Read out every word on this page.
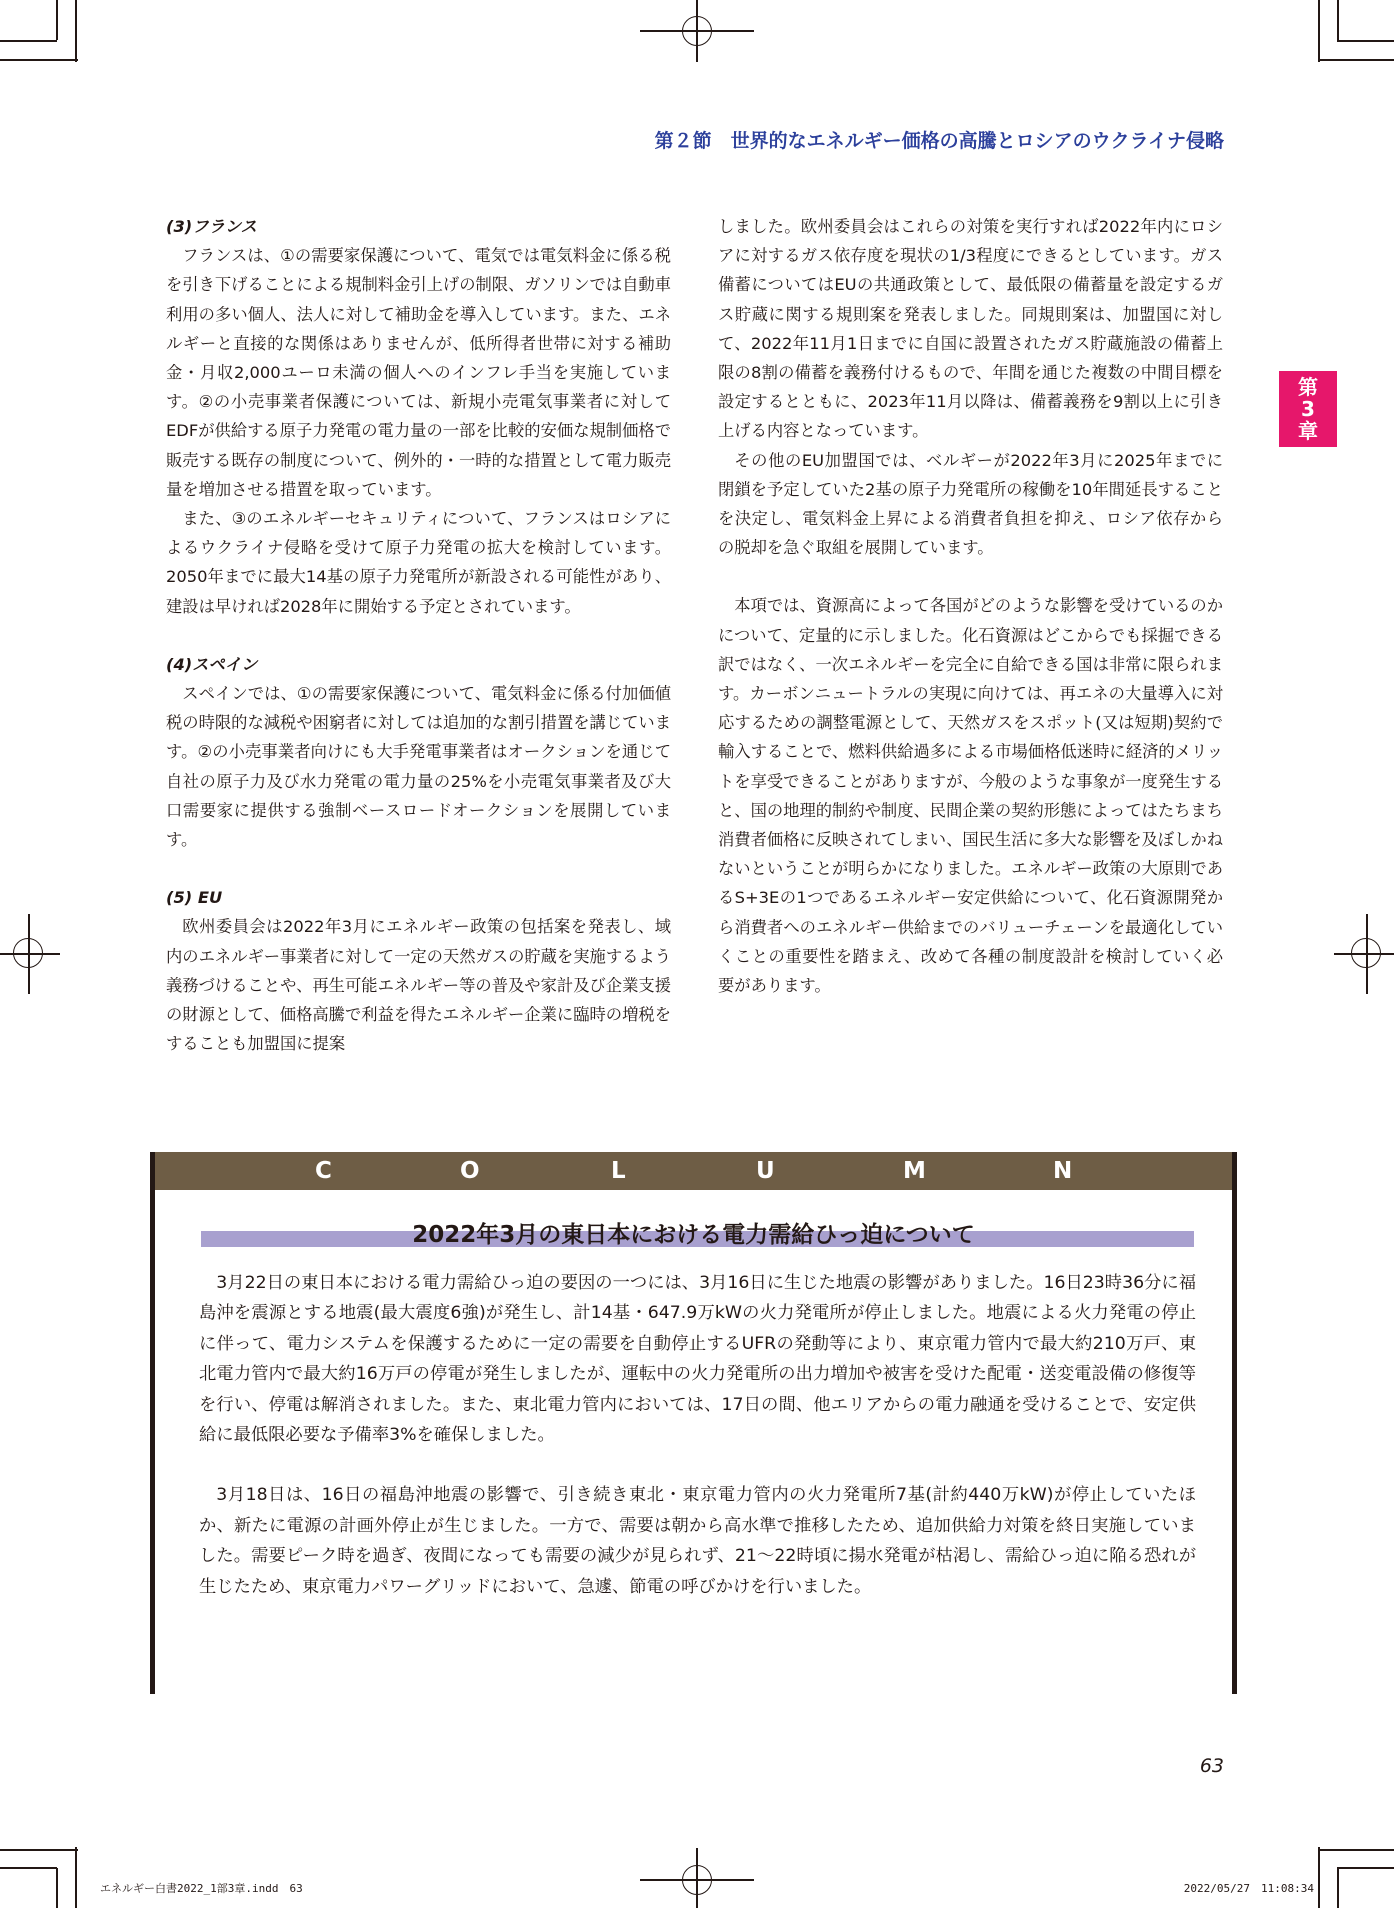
第２節　世界的なエネルギー価格の高騰とロシアのウクライナ侵略
第
3
章

(3)フランス

フランスは、①の需要家保護について、電気では電気料金に係る税を引き下げることによる規制料金引上げの制限、ガソリンでは自動車利用の多い個人、法人に対して補助金を導入しています。また、エネルギーと直接的な関係はありませんが、低所得者世帯に対する補助金・月収2,000ユーロ未満の個人へのインフレ手当を実施しています。②の小売事業者保護については、新規小売電気事業者に対してEDFが供給する原子力発電の電力量の一部を比較的安価な規制価格で販売する既存の制度について、例外的・一時的な措置として電力販売量を増加させる措置を取っています。

また、③のエネルギーセキュリティについて、フランスはロシアによるウクライナ侵略を受けて原子力発電の拡大を検討しています。2050年までに最大14基の原子力発電所が新設される可能性があり、建設は早ければ2028年に開始する予定とされています。

(4)スペイン

スペインでは、①の需要家保護について、電気料金に係る付加価値税の時限的な減税や困窮者に対しては追加的な割引措置を講じています。②の小売事業者向けにも大手発電事業者はオークションを通じて自社の原子力及び水力発電の電力量の25%を小売電気事業者及び大口需要家に提供する強制ベースロードオークションを展開しています。

(5) EU

欧州委員会は2022年3月にエネルギー政策の包括案を発表し、域内のエネルギー事業者に対して一定の天然ガスの貯蔵を実施するよう義務づけることや、再生可能エネルギー等の普及や家計及び企業支援の財源として、価格高騰で利益を得たエネルギー企業に臨時の増税をすることも加盟国に提案

しました。欧州委員会はこれらの対策を実行すれば2022年内にロシアに対するガス依存度を現状の1/3程度にできるとしています。ガス備蓄についてはEUの共通政策として、最低限の備蓄量を設定するガス貯蔵に関する規則案を発表しました。同規則案は、加盟国に対して、2022年11月1日までに自国に設置されたガス貯蔵施設の備蓄上限の8割の備蓄を義務付けるもので、年間を通じた複数の中間目標を設定するとともに、2023年11月以降は、備蓄義務を9割以上に引き上げる内容となっています。

その他のEU加盟国では、ベルギーが2022年3月に2025年までに閉鎖を予定していた2基の原子力発電所の稼働を10年間延長することを決定し、電気料金上昇による消費者負担を抑え、ロシア依存からの脱却を急ぐ取組を展開しています。

本項では、資源高によって各国がどのような影響を受けているのかについて、定量的に示しました。化石資源はどこからでも採掘できる訳ではなく、一次エネルギーを完全に自給できる国は非常に限られます。カーボンニュートラルの実現に向けては、再エネの大量導入に対応するための調整電源として、天然ガスをスポット(又は短期)契約で輸入することで、燃料供給過多による市場価格低迷時に経済的メリットを享受できることがありますが、今般のような事象が一度発生すると、国の地理的制約や制度、民間企業の契約形態によってはたちまち消費者価格に反映されてしまい、国民生活に多大な影響を及ぼしかねないということが明らかになりました。エネルギー政策の大原則であるS+3Eの1つであるエネルギー安定供給について、化石資源開発から消費者へのエネルギー供給までのバリューチェーンを最適化していくことの重要性を踏まえ、改めて各種の制度設計を検討していく必要があります。

C	O	L	U	M	N
2022年3月の東日本における電力需給ひっ迫について

3月22日の東日本における電力需給ひっ迫の要因の一つには、3月16日に生じた地震の影響がありました。16日23時36分に福島沖を震源とする地震(最大震度6強)が発生し、計14基・647.9万kWの火力発電所が停止しました。地震による火力発電の停止に伴って、電力システムを保護するために一定の需要を自動停止するUFRの発動等により、東京電力管内で最大約210万戸、東北電力管内で最大約16万戸の停電が発生しましたが、運転中の火力発電所の出力増加や被害を受けた配電・送変電設備の修復等を行い、停電は解消されました。また、東北電力管内においては、17日の間、他エリアからの電力融通を受けることで、安定供給に最低限必要な予備率3%を確保しました。

3月18日は、16日の福島沖地震の影響で、引き続き東北・東京電力管内の火力発電所7基(計約440万kW)が停止していたほか、新たに電源の計画外停止が生じました。一方で、需要は朝から高水準で推移したため、追加供給力対策を終日実施していました。需要ピーク時を過ぎ、夜間になっても需要の減少が見られず、21～22時頃に揚水発電が枯渇し、需給ひっ迫に陥る恐れが生じたため、東京電力パワーグリッドにおいて、急遽、節電の呼びかけを行いました。

63
エネルギー白書2022_1部3章.indd　63	2022/05/27　11:08:34
